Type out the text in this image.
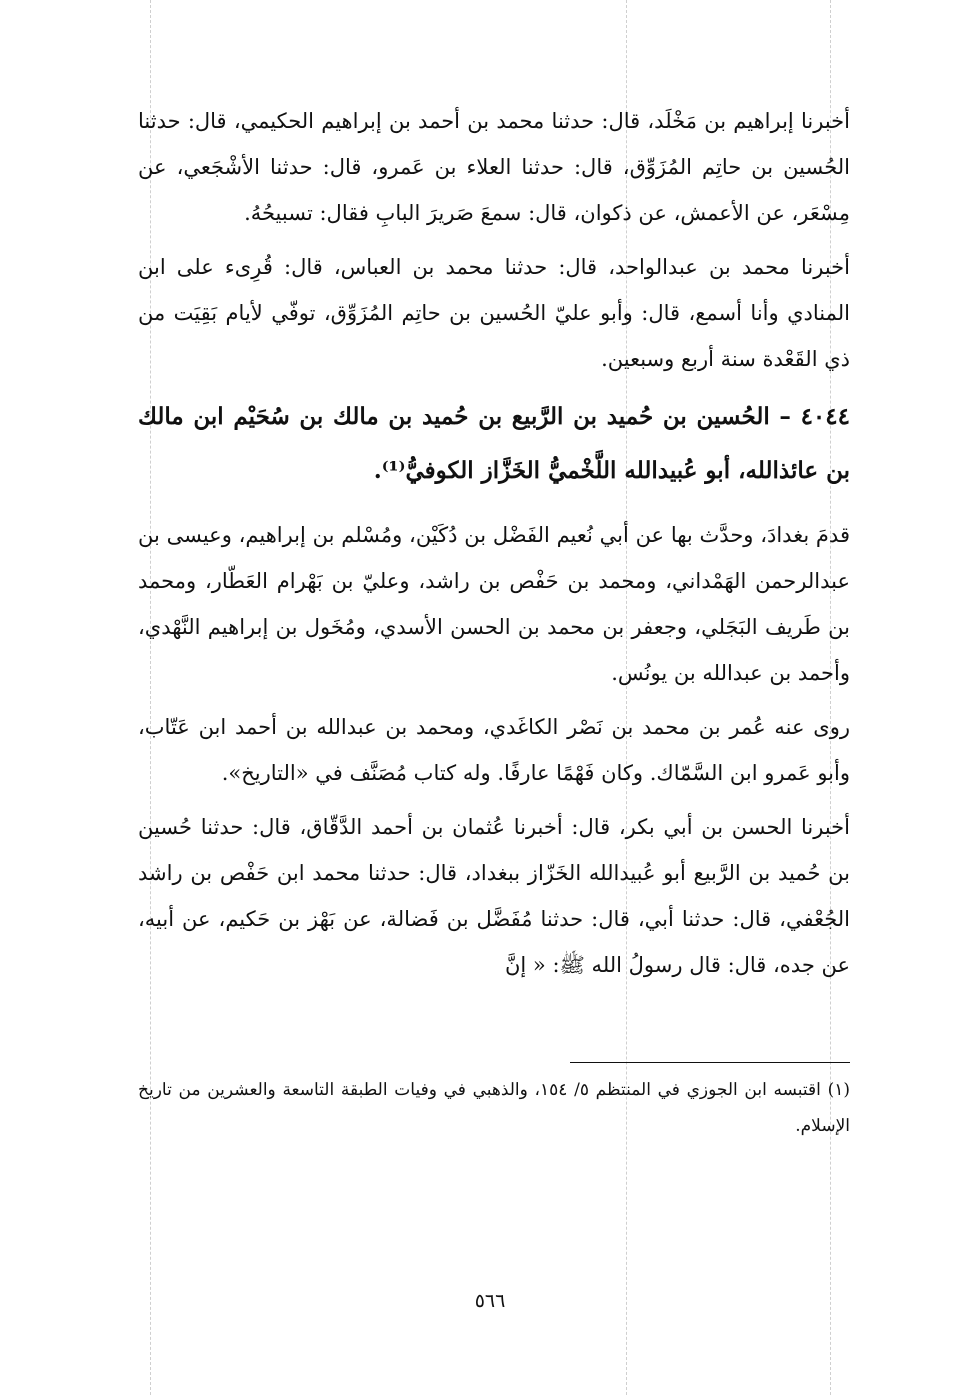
أخبرنا إبراهيم بن مَخْلَد، قال: حدثنا محمد بن أحمد بن إبراهيم الحكيمي، قال: حدثنا الحُسين بن حاتِم المُزَوِّق، قال: حدثنا العلاء بن عَمرو، قال: حدثنا الأشْجَعي، عن مِسْعَر، عن الأعمش، عن ذكوان، قال: سمعَ صَريرَ البابِ فقال: تسبيحُهُ.

أخبرنا محمد بن عبدالواحد، قال: حدثنا محمد بن العباس، قال: قُرِىء على ابن المنادي وأنا أسمع، قال: وأبو عليّ الحُسين بن حاتِم المُزَوِّق، توفّي لأيام بَقِيَت من ذي القَعْدة سنة أربع وسبعين.

٤٠٤٤ – الحُسين بن حُميد بن الرَّبيع بن حُميد بن مالك بن سُحَيْم ابن مالك بن عائذالله، أبو عُبيدالله اللَّخْميُّ الخَزَّاز الكوفيُّ⁽¹⁾.

قدمَ بغدادَ، وحدَّث بها عن أبي نُعيم الفَضْل بن دُكَيْن، ومُسْلم بن إبراهيم، وعيسى بن عبدالرحمن الهَمْداني، ومحمد بن حَفْص بن راشد، وعليّ بن بَهْرام العَطّار، ومحمد بن طَريف البَجَلي، وجعفر بن محمد بن الحسن الأسدي، ومُخَول بن إبراهيم النَّهْدي، وأحمد بن عبدالله بن يونُس.

روى عنه عُمر بن محمد بن نَصْر الكاغَدي، ومحمد بن عبدالله بن أحمد ابن عَتّاب، وأبو عَمرو ابن السَّمّاك. وكان فَهْمًا عارفًا. وله كتاب مُصَنَّف في «التاريخ».

أخبرنا الحسن بن أبي بكر، قال: أخبرنا عُثمان بن أحمد الدَّقّاق، قال: حدثنا حُسين بن حُميد بن الرَّبيع أبو عُبيدالله الخَزّاز ببغداد، قال: حدثنا محمد ابن حَفْص بن راشد الجُعْفي، قال: حدثنا أبي، قال: حدثنا مُفَضَّل بن فَضالة، عن بَهْز بن حَكيم، عن أبيه، عن جده، قال: قال رسولُ الله ﷺ: « إنَّ

(١) اقتبسه ابن الجوزي في المنتظم ٥/ ١٥٤، والذهبي في وفيات الطبقة التاسعة والعشرين من تاريخ الإسلام.
٥٦٦
